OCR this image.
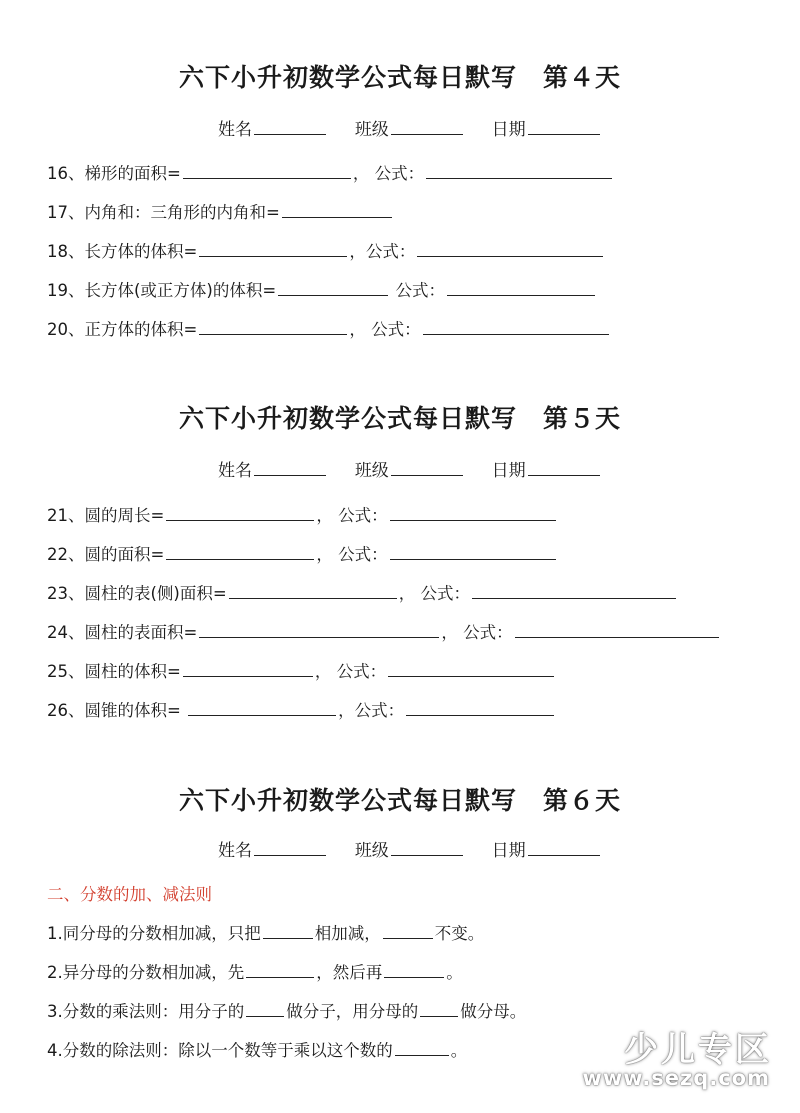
六下小升初数学公式每日默写　第４天
姓名	班级	日期
16、梯形的面积=	， 公式：
17、内角和：三角形的内角和=
18、长方体的体积=	，公式：
19、长方体(或正方体)的体积=	公式：
20、正方体的体积=	， 公式：
六下小升初数学公式每日默写　第５天
姓名	班级	日期
21、圆的周长=	， 公式：
22、圆的面积=	， 公式：
23、圆柱的表(侧)面积=	， 公式：
24、圆柱的表面积=	， 公式：
25、圆柱的体积=	， 公式：
26、圆锥的体积=	，公式：
六下小升初数学公式每日默写　第６天
姓名	班级	日期
二、分数的加、减法则
1.同分母的分数相加减，只把	相加减，	不变。
2.异分母的分数相加减，先	，然后再	。
3.分数的乘法则：用分子的	做分子，用分母的	做分母。
4.分数的除法则：除以一个数等于乘以这个数的	。	少儿专区
www.sezq.com
